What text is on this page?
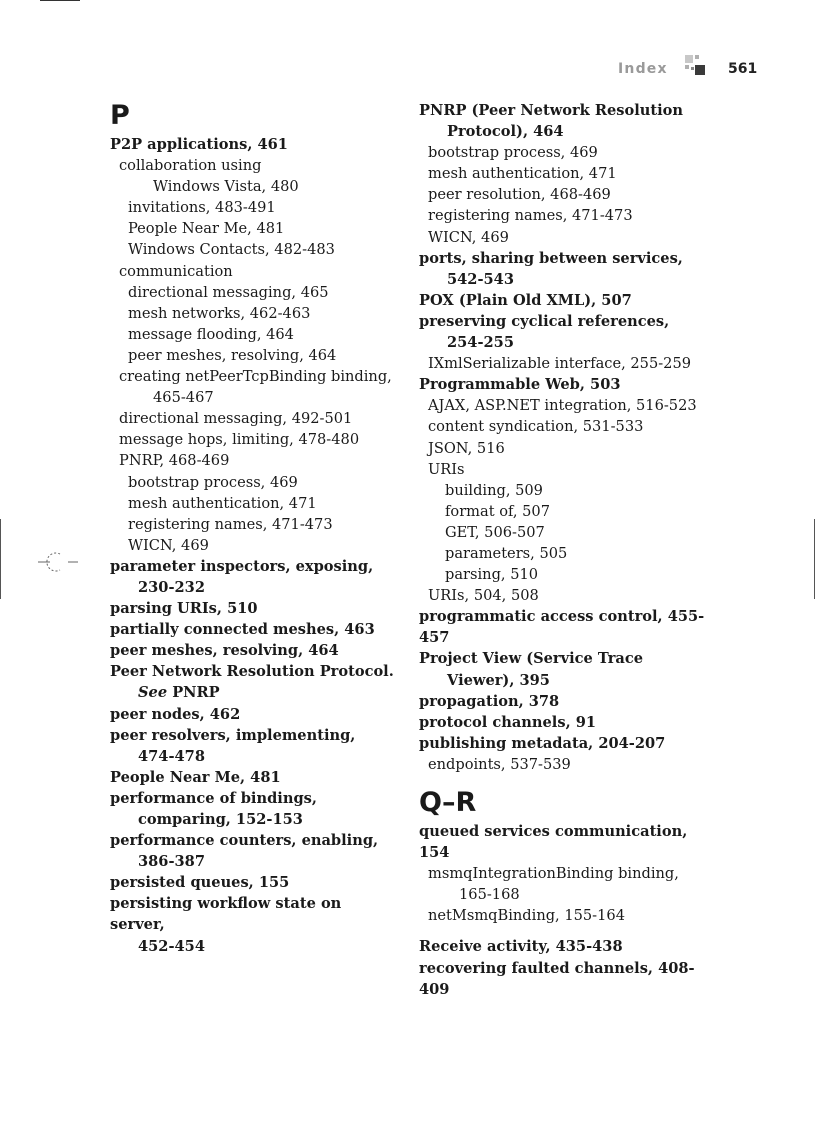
Index	561
P
P2P applications, 461
collaboration using
Windows Vista, 480
invitations, 483-491
People Near Me, 481
Windows Contacts, 482-483
communication
directional messaging, 465
mesh networks, 462-463
message flooding, 464
peer meshes, resolving, 464
creating netPeerTcpBinding binding,
465-467
directional messaging, 492-501
message hops, limiting, 478-480
PNRP, 468-469
bootstrap process, 469
mesh authentication, 471
registering names, 471-473
WICN, 469
parameter inspectors, exposing,
230-232
parsing URIs, 510
partially connected meshes, 463
peer meshes, resolving, 464
Peer Network Resolution Protocol.
See PNRP
peer nodes, 462
peer resolvers, implementing,
474-478
People Near Me, 481
performance of bindings,
comparing, 152-153
performance counters, enabling,
386-387
persisted queues, 155
persisting workflow state on server,
452-454
PNRP (Peer Network Resolution
Protocol), 464
bootstrap process, 469
mesh authentication, 471
peer resolution, 468-469
registering names, 471-473
WICN, 469
ports, sharing between services,
542-543
POX (Plain Old XML), 507
preserving cyclical references,
254-255
IXmlSerializable interface, 255-259
Programmable Web, 503
AJAX, ASP.NET integration, 516-523
content syndication, 531-533
JSON, 516
URIs
building, 509
format of, 507
GET, 506-507
parameters, 505
parsing, 510
URIs, 504, 508
programmatic access control, 455-457
Project View (Service Trace
Viewer), 395
propagation, 378
protocol channels, 91
publishing metadata, 204-207
endpoints, 537-539
Q–R
queued services communication, 154
msmqIntegrationBinding binding,
165-168
netMsmqBinding, 155-164
Receive activity, 435-438
recovering faulted channels, 408-409
